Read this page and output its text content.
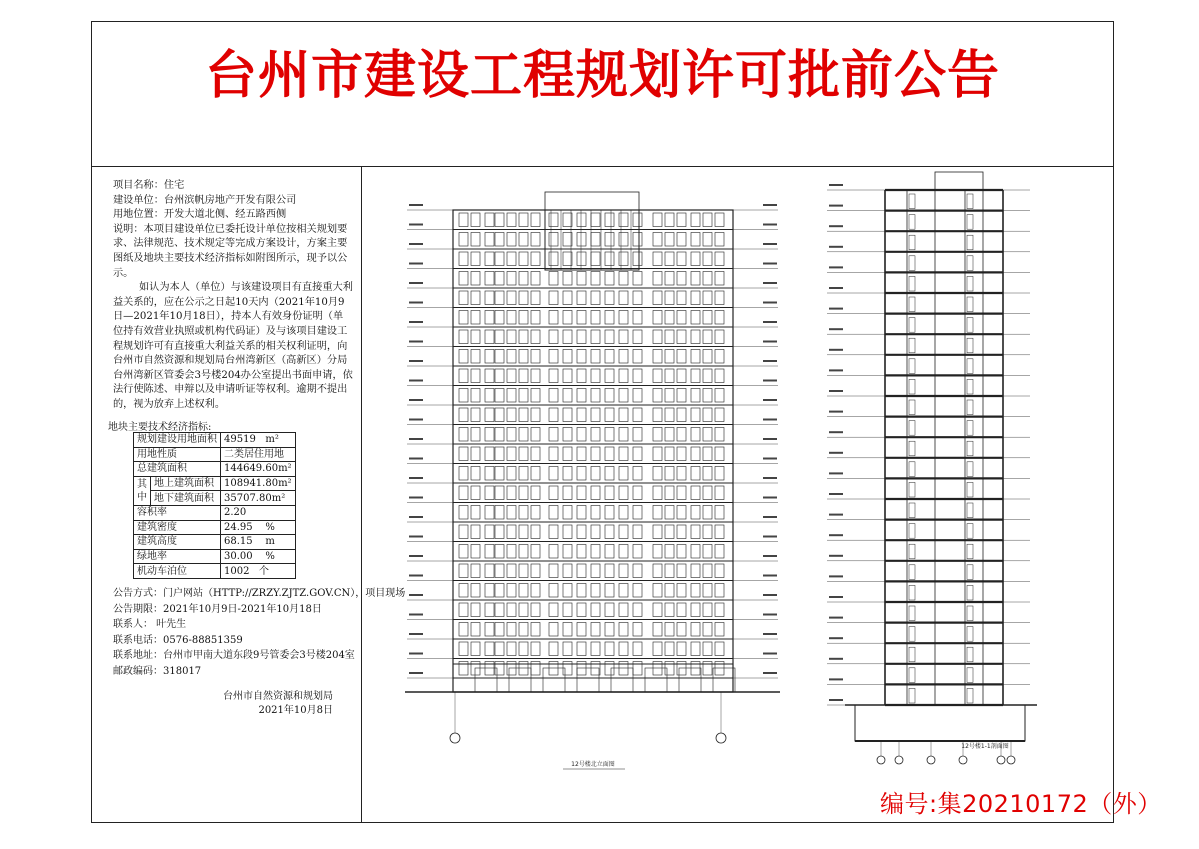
台州市建设工程规划许可批前公告

项目名称：住宅

建设单位：台州滨帆房地产开发有限公司

用地位置：开发大道北侧、经五路西侧

说明：本项目建设单位已委托设计单位按相关规划要求、法律规范、技术规定等完成方案设计，方案主要图纸及地块主要技术经济指标如附图所示，现予以公示。

如认为本人（单位）与该建设项目有直接重大利益关系的，应在公示之日起10天内（2021年10月9日—2021年10月18日），持本人有效身份证明（单位持有效营业执照或机构代码证）及与该项目建设工程规划许可有直接重大利益关系的相关权利证明，向台州市自然资源和规划局台州湾新区（高新区）分局台州湾新区管委会3号楼204办公室提出书面申请，依法行使陈述、申辩以及申请听证等权利。逾期不提出的，视为放弃上述权利。

地块主要技术经济指标:
规划建设用地面积		49519 m²
用地性质		二类居住用地
总建筑面积		144649.60m²
其
中	地上建筑面积	108941.80m²
	地下建筑面积	35707.80m²
容积率		2.20
建筑密度		24.95 %
建筑高度		68.15 m
绿地率		30.00 %
机动车泊位		1002 个

公告方式：门户网站（HTTP://ZRZY.ZJTZ.GOV.CN），项目现场

公告期限：2021年10月9日-2021年10月18日

联系人： 叶先生

联系电话：0576-88851359

联系地址：台州市甲南大道东段9号管委会3号楼204室

邮政编码：318017

台州市自然资源和规划局
2021年10月8日
12号楼北立面图
12号楼1-1剖面图
编号:集20210172（外）
